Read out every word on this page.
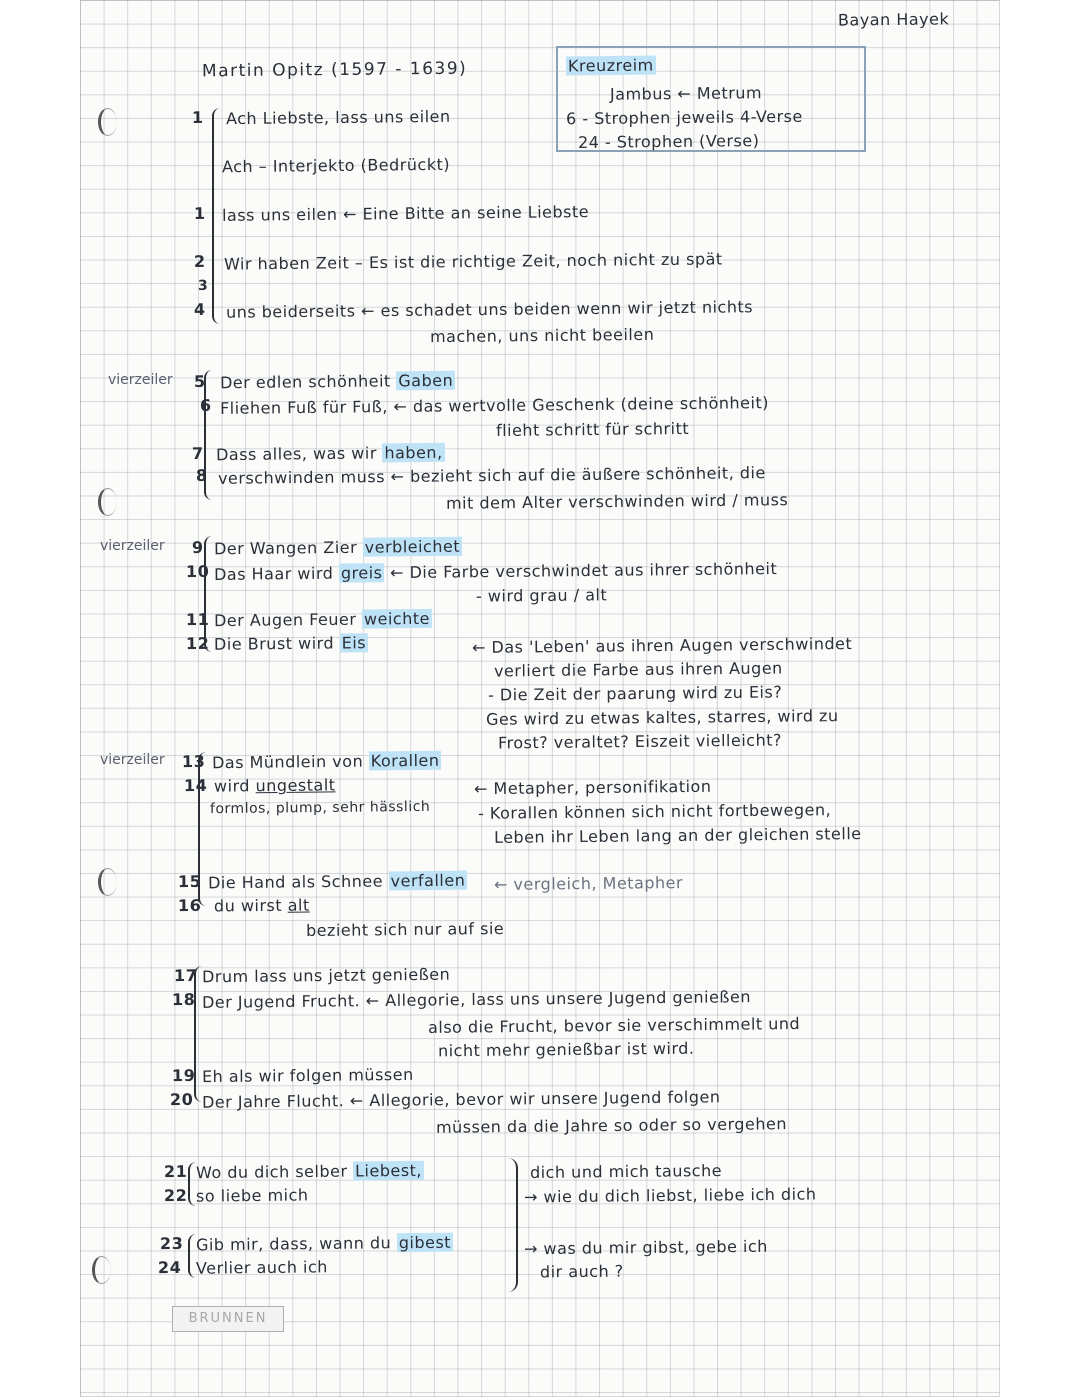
Bayan Hayek
Martin Opitz (1597 - 1639)	Kreuzreim
Jambus ← Metrum
6 - Strophen jeweils 4-Verse
24 - Strophen (Verse)
1 Ach Liebste, lass uns eilen
Ach – Interjekto (Bedrückt)
1 lass uns eilen ← Eine Bitte an seine Liebste
2 Wir haben Zeit – Es ist die richtige Zeit, noch nicht zu spät
3
4 uns beiderseits ← es schadet uns beiden wenn wir jetzt nichts
machen, uns nicht beeilen
vierzeiler 5 Der edlen schönheit Gaben
6 Fliehen Fuß für Fuß, ← das wertvolle Geschenk (deine schönheit)
flieht schritt für schritt
7 Dass alles, was wir haben,
8 verschwinden muss ← bezieht sich auf die äußere schönheit, die
mit dem Alter verschwinden wird / muss
vierzeiler 9 Der Wangen Zier verbleichet
10 Das Haar wird greis ← Die Farbe verschwindet aus ihrer schönheit
- wird grau / alt
11 Der Augen Feuer weichte
12 Die Brust wird Eis	← Das 'Leben' aus ihren Augen verschwindet
verliert die Farbe aus ihren Augen
- Die Zeit der paarung wird zu Eis?
Ges wird zu etwas kaltes, starres, wird zu
Frost? veraltet? Eiszeit vielleicht?
vierzeiler 13 Das Mündlein von Korallen
14 wird ungestalt
formlos, plump, sehr hässlich
← Metapher, personifikation
- Korallen können sich nicht fortbewegen,
Leben ihr Leben lang an der gleichen stelle
15 Die Hand als Schnee verfallen ← vergleich, Metapher
16 du wirst alt
bezieht sich nur auf sie
17 Drum lass uns jetzt genießen
18 Der Jugend Frucht. ← Allegorie, lass uns unsere Jugend genießen
also die Frucht, bevor sie verschimmelt und
nicht mehr genießbar ist wird.
19 Eh als wir folgen müssen
20 Der Jahre Flucht. ← Allegorie, bevor wir unsere Jugend folgen
müssen da die Jahre so oder so vergehen
21 Wo du dich selber Liebest,
22 so liebe mich
23 Gib mir, dass, wann du gibest
24 Verlier auch ich
dich und mich tausche
→ wie du dich liebst, liebe ich dich
→ was du mir gibst, gebe ich
dir auch ?
BRUNNEN
